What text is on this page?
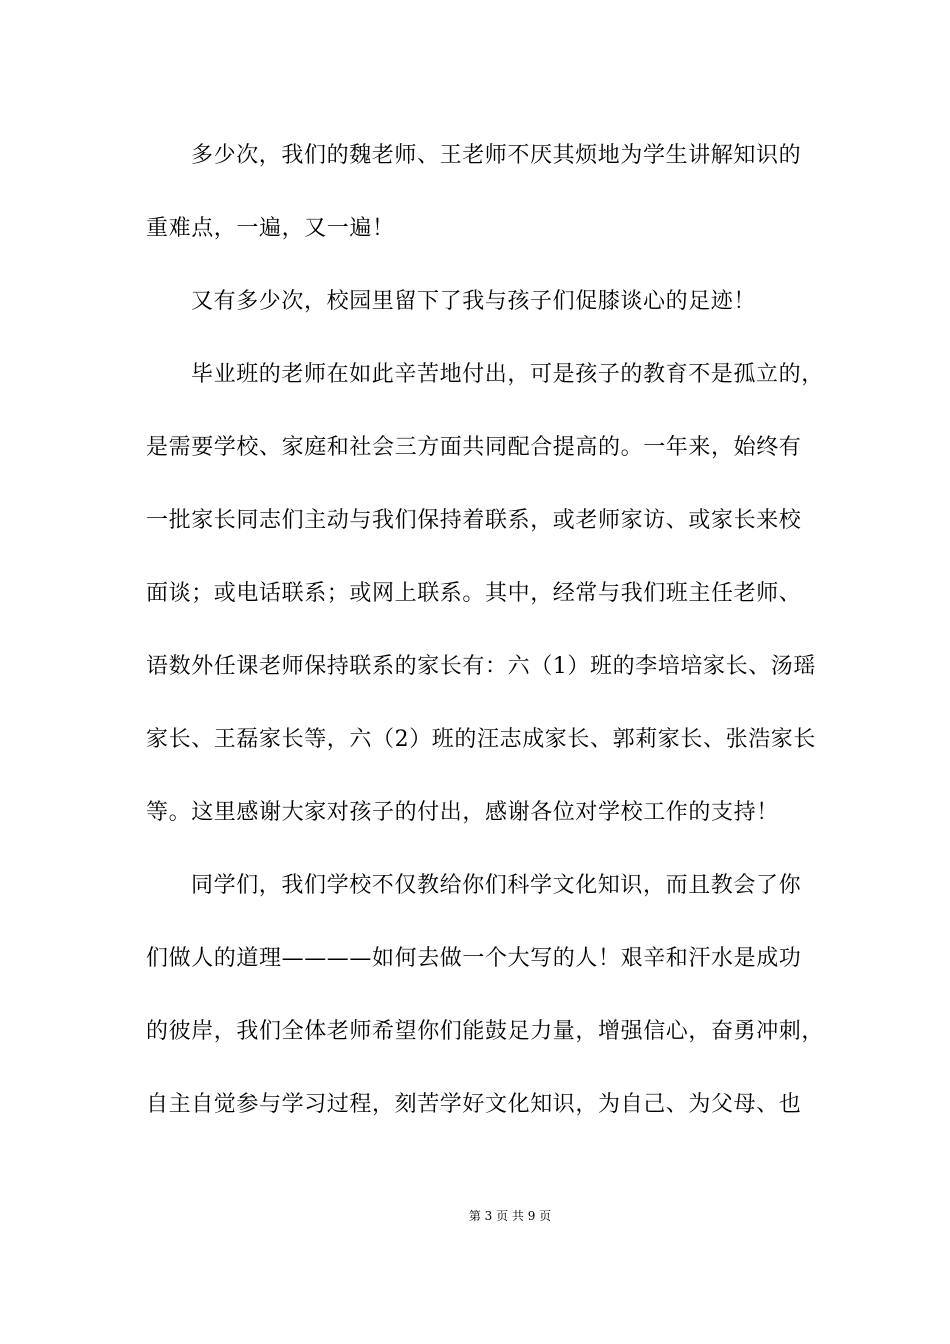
多少次，我们的魏老师、王老师不厌其烦地为学生讲解知识的
重难点，一遍，又一遍！
又有多少次，校园里留下了我与孩子们促膝谈心的足迹！
毕业班的老师在如此辛苦地付出，可是孩子的教育不是孤立的，
是需要学校、家庭和社会三方面共同配合提高的。一年来，始终有
一批家长同志们主动与我们保持着联系，或老师家访、或家长来校
面谈；或电话联系；或网上联系。其中，经常与我们班主任老师、
语数外任课老师保持联系的家长有：六（1）班的李培培家长、汤瑶
家长、王磊家长等，六（2）班的汪志成家长、郭莉家长、张浩家长
等。这里感谢大家对孩子的付出，感谢各位对学校工作的支持！
同学们，我们学校不仅教给你们科学文化知识，而且教会了你
们做人的道理————如何去做一个大写的人！艰辛和汗水是成功
的彼岸，我们全体老师希望你们能鼓足力量，增强信心，奋勇冲刺，
自主自觉参与学习过程，刻苦学好文化知识，为自己、为父母、也
第 3 页 共 9 页
